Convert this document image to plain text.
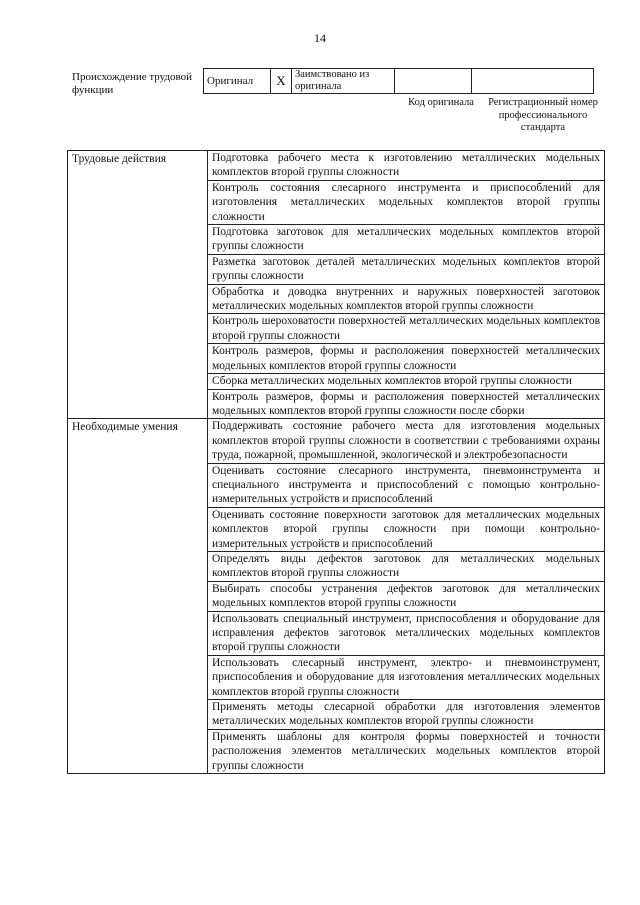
14
Происхождение трудовой функции
Оригинал	X	Заимствовано из оригинала		
Код оригинала	Регистрационный номер профессионального стандарта
Трудовые действия	Подготовка рабочего места к изготовлению металлических модельных комплектов второй группы сложности
	Контроль состояния слесарного инструмента и приспособлений для изготовления металлических модельных комплектов второй группы сложности
	Подготовка заготовок для металлических модельных комплектов второй группы сложности
	Разметка заготовок деталей металлических модельных комплектов второй группы сложности
	Обработка и доводка внутренних и наружных поверхностей заготовок металлических модельных комплектов второй группы сложности
	Контроль шероховатости поверхностей металлических модельных комплектов второй группы сложности
	Контроль размеров, формы и расположения поверхностей металлических модельных комплектов второй группы сложности
	Сборка металлических модельных комплектов второй группы сложности
	Контроль размеров, формы и расположения поверхностей металлических модельных комплектов второй группы сложности после сборки
Необходимые умения	Поддерживать состояние рабочего места для изготовления модельных комплектов второй группы сложности в соответствии с требованиями охраны труда, пожарной, промышленной, экологической и электробезопасности
	Оценивать состояние слесарного инструмента, пневмоинструмента и специального инструмента и приспособлений с помощью контрольно-измерительных устройств и приспособлений
	Оценивать состояние поверхности заготовок для металлических модельных комплектов второй группы сложности при помощи контрольно-измерительных устройств и приспособлений
	Определять виды дефектов заготовок для металлических модельных комплектов второй группы сложности
	Выбирать способы устранения дефектов заготовок для металлических модельных комплектов второй группы сложности
	Использовать специальный инструмент, приспособления и оборудование для исправления дефектов заготовок металлических модельных комплектов второй группы сложности
	Использовать слесарный инструмент, электро- и пневмоинструмент, приспособления и оборудование для изготовления металлических модельных комплектов второй группы сложности
	Применять методы слесарной обработки для изготовления элементов металлических модельных комплектов второй группы сложности
	Применять шаблоны для контроля формы поверхностей и точности расположения элементов металлических модельных комплектов второй группы сложности
